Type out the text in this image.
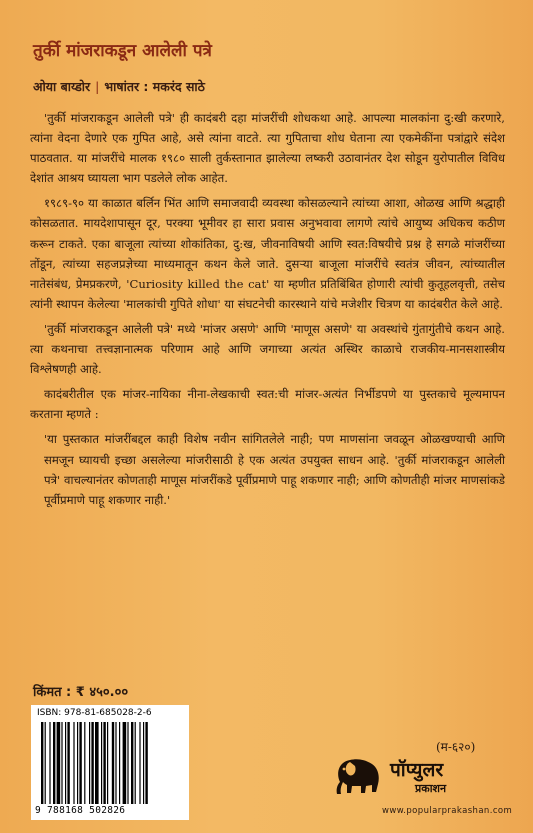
तुर्की मांजराकडून आलेली पत्रे
ओया बाय्डोर | भाषांतर : मकरंद साठे

'तुर्की मांजराकडून आलेली पत्रे' ही कादंबरी दहा मांजरींची शोधकथा आहे. आपल्या मालकांना दु:खी करणारे, त्यांना वेदना देणारे एक गुपित आहे, असे त्यांना वाटते. त्या गुपिताचा शोध घेताना त्या एकमेकींना पत्रांद्वारे संदेश पाठवतात. या मांजरींचे मालक १९८० साली तुर्कस्तानात झालेल्या लष्करी उठावानंतर देश सोडून युरोपातील विविध देशांत आश्रय घ्यायला भाग पडलेले लोक आहेत.

१९८९-९० या काळात बर्लिन भिंत आणि समाजवादी व्यवस्था कोसळल्याने त्यांच्या आशा, ओळख आणि श्रद्धाही कोसळतात. मायदेशापासून दूर, परक्या भूमीवर हा सारा प्रवास अनुभवावा लागणे त्यांचे आयुष्य अधिकच कठीण करून टाकते. एका बाजूला त्यांच्या शोकांतिका, दु:ख, जीवनाविषयी आणि स्वत:विषयीचे प्रश्न हे सगळे मांजरींच्या तोंडून, त्यांच्या सहजप्रज्ञेच्या माध्यमातून कथन केले जाते. दुसऱ्या बाजूला मांजरींचे स्वतंत्र जीवन, त्यांच्यातील नातेसंबंध, प्रेमप्रकरणे, 'Curiosity killed the cat' या म्हणीत प्रतिबिंबित होणारी त्यांची कुतूहलवृत्ती, तसेच त्यांनी स्थापन केलेल्या 'मालकांची गुपिते शोधा' या संघटनेची कारस्थाने यांचे मजेशीर चित्रण या कादंबरीत केले आहे.

'तुर्की मांजराकडून आलेली पत्रे' मध्ये 'मांजर असणे' आणि 'माणूस असणे' या अवस्थांचे गुंतागुंतीचे कथन आहे. त्या कथनाचा तत्त्वज्ञानात्मक परिणाम आहे आणि जगाच्या अत्यंत अस्थिर काळाचे राजकीय-मानसशास्त्रीय विश्लेषणही आहे.

कादंबरीतील एक मांजर-नायिका नीना-लेखकाची स्वत:ची मांजर-अत्यंत निर्भीडपणे या पुस्तकाचे मूल्यमापन करताना म्हणते :

'या पुस्तकात मांजरींबद्दल काही विशेष नवीन सांगितलेले नाही; पण माणसांना जवळून ओळखण्याची आणि समजून घ्यायची इच्छा असलेल्या मांजरीसाठी हे एक अत्यंत उपयुक्त साधन आहे. 'तुर्की मांजराकडून आलेली पत्रे' वाचल्यानंतर कोणताही माणूस मांजरींकडे पूर्वीप्रमाणे पाहू शकणार नाही; आणि कोणतीही मांजर माणसांकडे पूर्वीप्रमाणे पाहू शकणार नाही.'

किंमत : ₹ ४५०.००
ISBN: 978-81-685028-2-6
9 788168 502826
(म-६२०)
पॉप्युलर
प्रकाशन
www.popularprakashan.com
